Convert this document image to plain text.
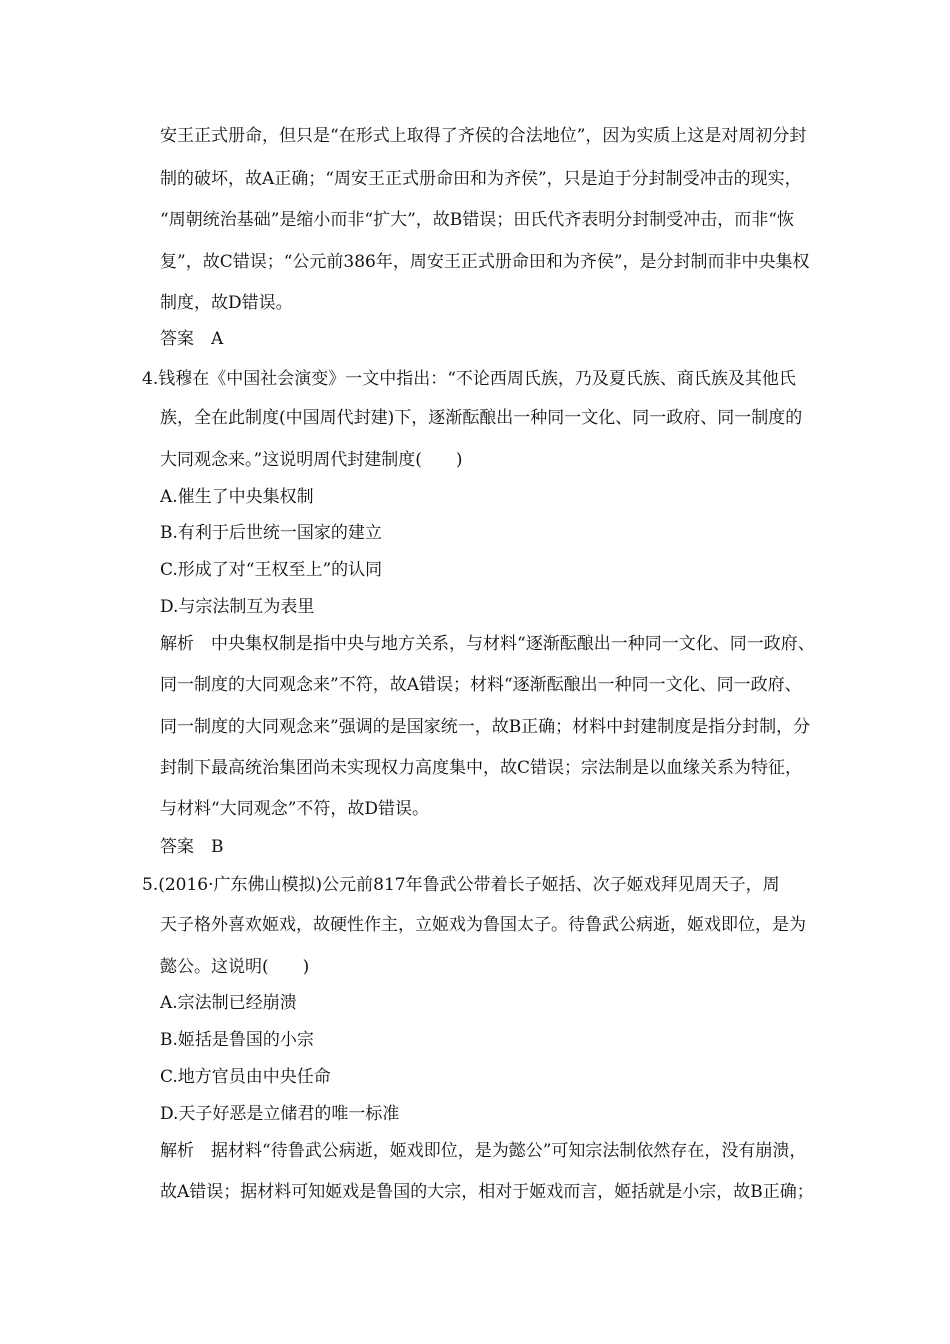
安王正式册命，但只是“在形式上取得了齐侯的合法地位”，因为实质上这是对周初分封
制的破坏，故A正确；“周安王正式册命田和为齐侯”，只是迫于分封制受冲击的现实，
“周朝统治基础”是缩小而非“扩大”，故B错误；田氏代齐表明分封制受冲击，而非“恢
复”，故C错误；“公元前386年，周安王正式册命田和为齐侯”，是分封制而非中央集权
制度，故D错误。
答案　A
4.钱穆在《中国社会演变》一文中指出：“不论西周氏族，乃及夏氏族、商氏族及其他氏
族，全在此制度(中国周代封建)下，逐渐酝酿出一种同一文化、同一政府、同一制度的
大同观念来。”这说明周代封建制度(　　)
A.催生了中央集权制
B.有利于后世统一国家的建立
C.形成了对“王权至上”的认同
D.与宗法制互为表里
解析　中央集权制是指中央与地方关系，与材料“逐渐酝酿出一种同一文化、同一政府、
同一制度的大同观念来”不符，故A错误；材料“逐渐酝酿出一种同一文化、同一政府、
同一制度的大同观念来”强调的是国家统一，故B正确；材料中封建制度是指分封制，分
封制下最高统治集团尚未实现权力高度集中，故C错误；宗法制是以血缘关系为特征，
与材料“大同观念”不符，故D错误。
答案　B
5.(2016·广东佛山模拟)公元前817年鲁武公带着长子姬括、次子姬戏拜见周天子，周
天子格外喜欢姬戏，故硬性作主，立姬戏为鲁国太子。待鲁武公病逝，姬戏即位，是为
懿公。这说明(　　)
A.宗法制已经崩溃
B.姬括是鲁国的小宗
C.地方官员由中央任命
D.天子好恶是立储君的唯一标准
解析　据材料“待鲁武公病逝，姬戏即位，是为懿公”可知宗法制依然存在，没有崩溃，
故A错误；据材料可知姬戏是鲁国的大宗，相对于姬戏而言，姬括就是小宗，故B正确；
